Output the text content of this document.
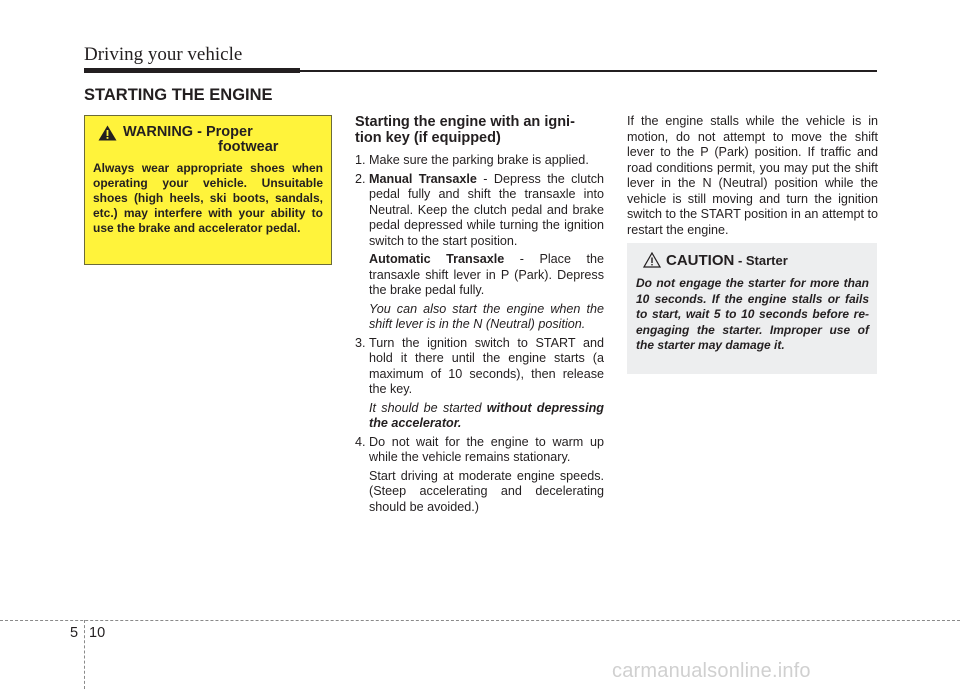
Driving your vehicle
STARTING THE ENGINE
WARNING - Proper
footwear
Always wear appropriate shoes when operating your vehicle. Unsuitable shoes (high heels, ski boots, sandals, etc.) may interfere with your ability to use the brake and accelerator pedal.
Starting the engine with an igni-
tion key (if equipped)
1. Make sure the parking brake is applied.
2. Manual Transaxle - Depress the clutch pedal fully and shift the transaxle into Neutral. Keep the clutch pedal and brake pedal depressed while turning the ignition switch to the start position.
Automatic Transaxle - Place the transaxle shift lever in P (Park). Depress the brake pedal fully.
You can also start the engine when the shift lever is in the N (Neutral) position.
3. Turn the ignition switch to START and hold it there until the engine starts (a maximum of 10 seconds), then release the key.
It should be started without depressing the accelerator.
4. Do not wait for the engine to warm up while the vehicle remains stationary.
Start driving at moderate engine speeds. (Steep accelerating and decelerating should be avoided.)

If the engine stalls while the vehicle is in motion, do not attempt to move the shift lever to the P (Park) position. If traffic and road conditions permit, you may put the shift lever in the N (Neutral) position while the vehicle is still moving and turn the ignition switch to the START position in an attempt to restart the engine.

CAUTION - Starter
Do not engage the starter for more than 10 seconds. If the engine stalls or fails to start, wait 5 to 10 seconds before re-engaging the starter. Improper use of the starter may damage it.
5 10
carmanualsonline.info
